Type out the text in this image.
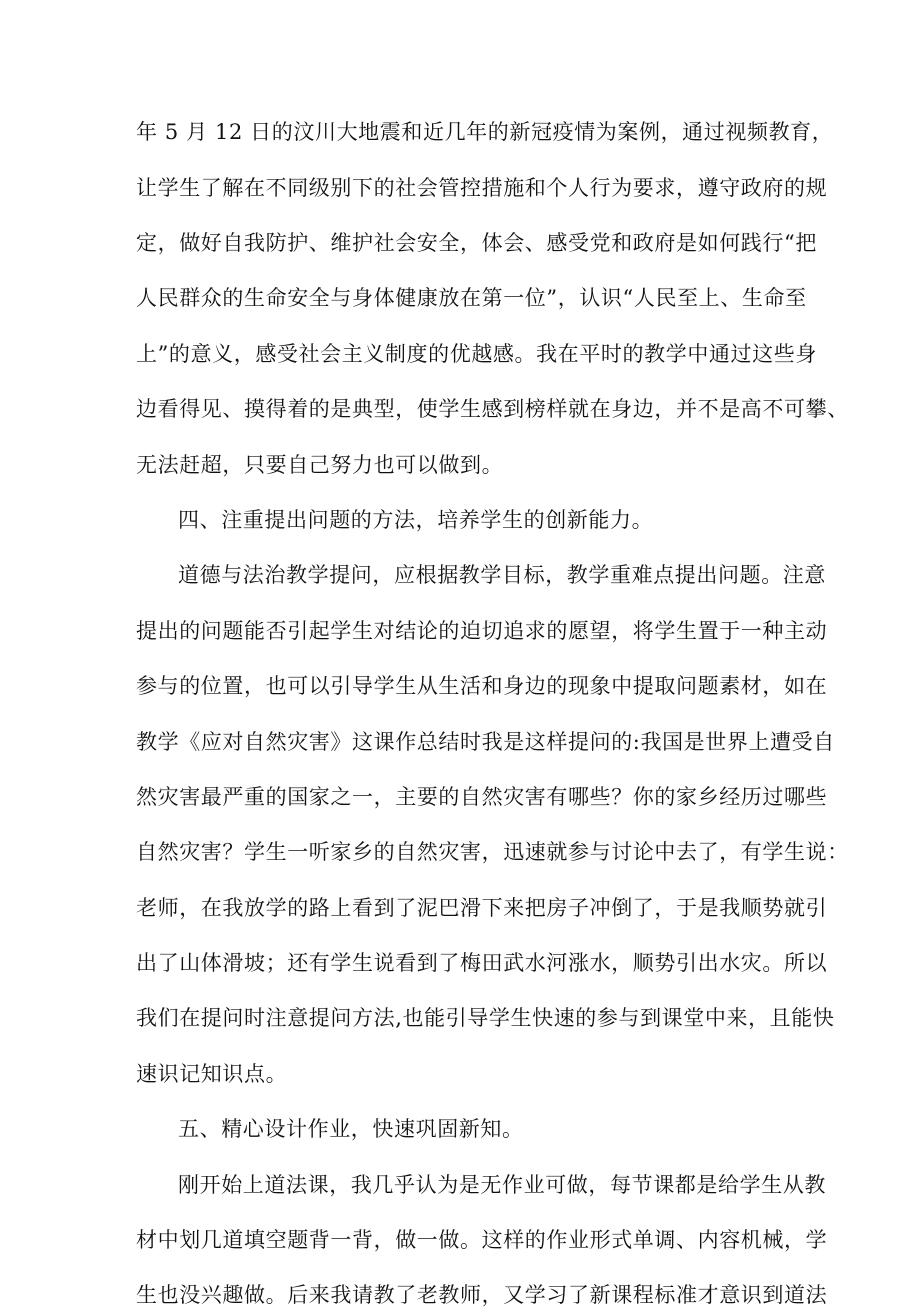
年 5 月 12 日的汶川大地震和近几年的新冠疫情为案例，通过视频教育，
让学生了解在不同级别下的社会管控措施和个人行为要求，遵守政府的规
定，做好自我防护、维护社会安全，体会、感受党和政府是如何践行“把
人民群众的生命安全与身体健康放在第一位”，认识“人民至上、生命至
上”的意义，感受社会主义制度的优越感。我在平时的教学中通过这些身
边看得见、摸得着的是典型，使学生感到榜样就在身边，并不是高不可攀、
无法赶超，只要自己努力也可以做到。
四、注重提出问题的方法，培养学生的创新能力。
道德与法治教学提问，应根据教学目标，教学重难点提出问题。注意
提出的问题能否引起学生对结论的迫切追求的愿望，将学生置于一种主动
参与的位置，也可以引导学生从生活和身边的现象中提取问题素材，如在
教学《应对自然灾害》这课作总结时我是这样提问的:我国是世界上遭受自
然灾害最严重的国家之一，主要的自然灾害有哪些？你的家乡经历过哪些
自然灾害？学生一听家乡的自然灾害，迅速就参与讨论中去了，有学生说：
老师，在我放学的路上看到了泥巴滑下来把房子冲倒了，于是我顺势就引
出了山体滑坡；还有学生说看到了梅田武水河涨水，顺势引出水灾。所以
我们在提问时注意提问方法,也能引导学生快速的参与到课堂中来，且能快
速识记知识点。
五、精心设计作业，快速巩固新知。
刚开始上道法课，我几乎认为是无作业可做，每节课都是给学生从教
材中划几道填空题背一背，做一做。这样的作业形式单调、内容机械，学
生也没兴趣做。后来我请教了老教师，又学习了新课程标准才意识到道法
